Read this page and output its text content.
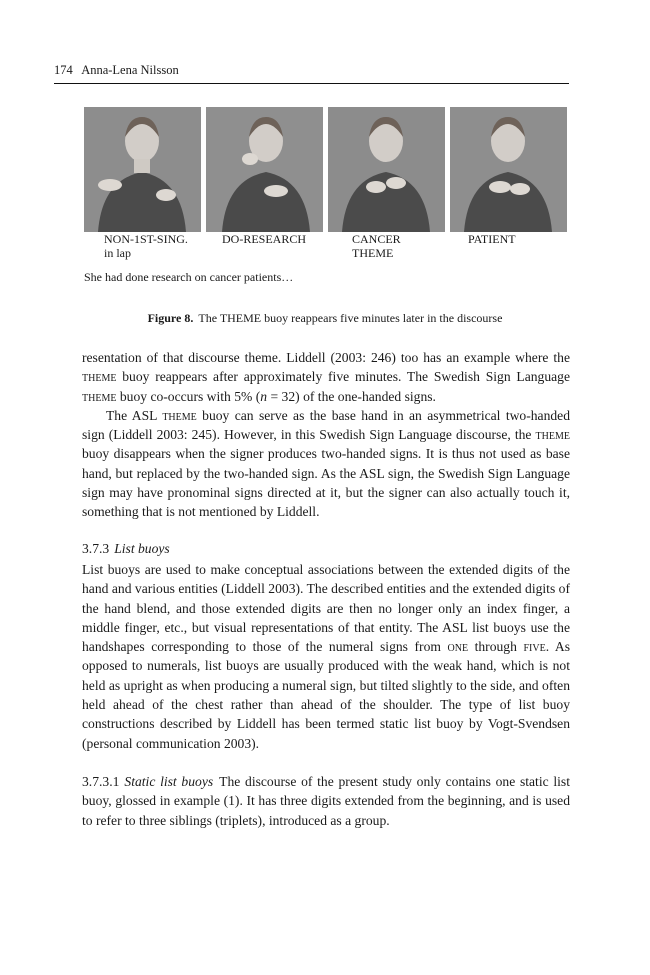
174 Anna-Lena Nilsson
NON-1ST-SING.
in lap
DO-RESEARCH	CANCER
THEME
PATIENT
She had done research on cancer patients…
Figure 8. The THEME buoy reappears five minutes later in the discourse

resentation of that discourse theme. Liddell (2003: 246) too has an example where the theme buoy reappears after approximately five minutes. The Swedish Sign Language theme buoy co-occurs with 5% (n = 32) of the one-handed signs.

The ASL theme buoy can serve as the base hand in an asymmetrical two-handed sign (Liddell 2003: 245). However, in this Swedish Sign Language discourse, the theme buoy disappears when the signer produces two-handed signs. It is thus not used as base hand, but replaced by the two-handed sign. As the ASL sign, the Swedish Sign Language sign may have pronominal signs directed at it, but the signer can also actually touch it, something that is not mentioned by Liddell.

3.7.3 List buoys

List buoys are used to make conceptual associations between the extended digits of the hand and various entities (Liddell 2003). The described entities and the extended digits of the hand blend, and those extended digits are then no longer only an index finger, a middle finger, etc., but visual representations of that entity. The ASL list buoys use the handshapes corresponding to those of the numeral signs from one through five. As opposed to numerals, list buoys are usually produced with the weak hand, which is not held as upright as when producing a numeral sign, but tilted slightly to the side, and often held ahead of the chest rather than ahead of the shoulder. The type of list buoy constructions described by Liddell has been termed static list buoy by Vogt-Svendsen (personal communication 2003).

3.7.3.1 Static list buoys The discourse of the present study only contains one static list buoy, glossed in example (1). It has three digits extended from the beginning, and is used to refer to three siblings (triplets), introduced as a group.
